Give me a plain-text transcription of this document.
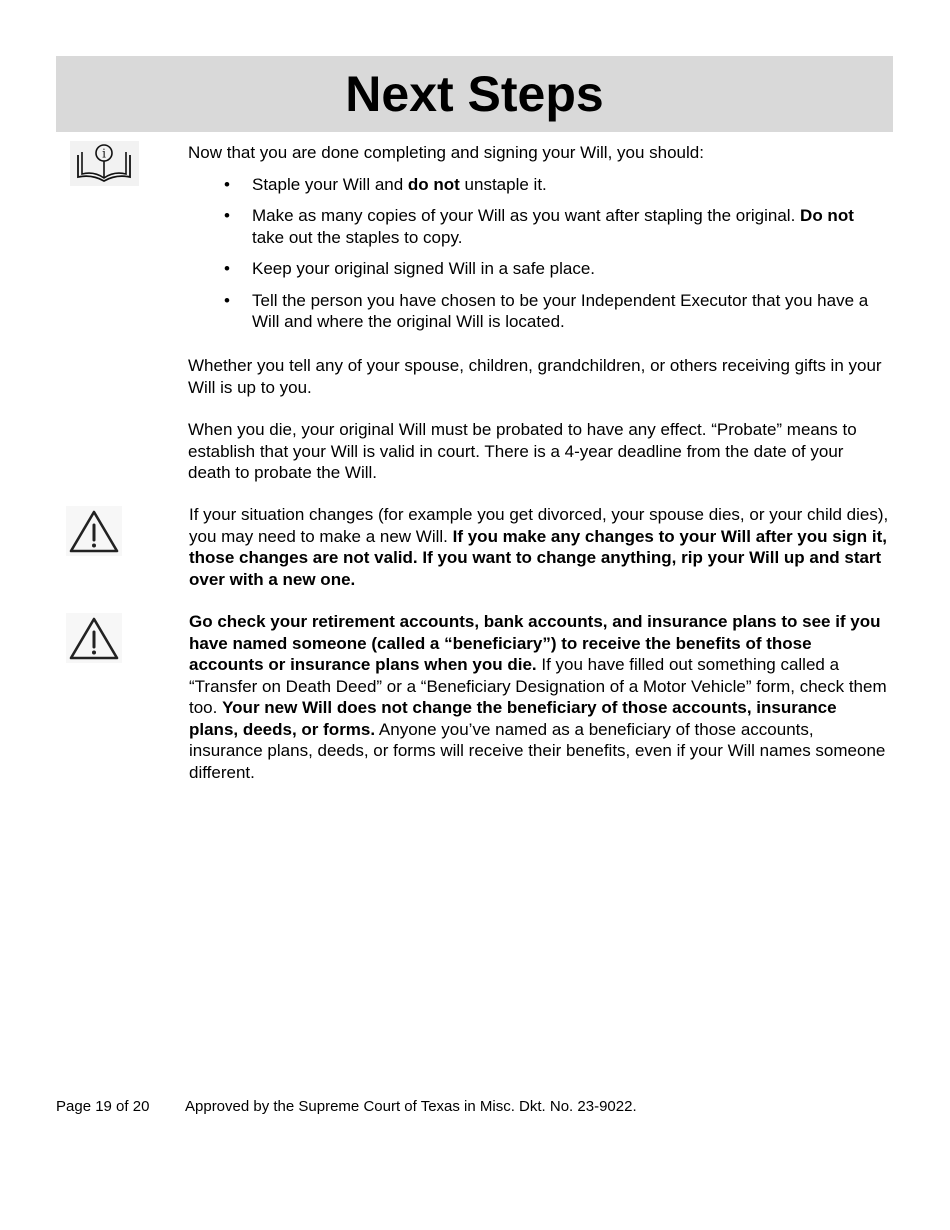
Next Steps
i	Now that you are done completing and signing your Will, you should:

• Staple your Will and do not unstaple it.
• Make as many copies of your Will as you want after stapling the original. Do not take out the staples to copy.
• Keep your original signed Will in a safe place.
• Tell the person you have chosen to be your Independent Executor that you have a Will and where the original Will is located.

Whether you tell any of your spouse, children, grandchildren, or others receiving gifts in your Will is up to you.

When you die, your original Will must be probated to have any effect. “Probate” means to establish that your Will is valid in court. There is a 4-year deadline from the date of your death to probate the Will.

If your situation changes (for example you get divorced, your spouse dies, or your child dies), you may need to make a new Will. If you make any changes to your Will after you sign it, those changes are not valid. If you want to change anything, rip your Will up and start over with a new one.

Go check your retirement accounts, bank accounts, and insurance plans to see if you have named someone (called a “beneficiary”) to receive the benefits of those accounts or insurance plans when you die. If you have filled out something called a “Transfer on Death Deed” or a “Beneficiary Designation of a Motor Vehicle” form, check them too. Your new Will does not change the beneficiary of those accounts, insurance plans, deeds, or forms. Anyone you’ve named as a beneficiary of those accounts, insurance plans, deeds, or forms will receive their benefits, even if your Will names someone different.

Page 19 of 20 Approved by the Supreme Court of Texas in Misc. Dkt. No. 23-9022.
